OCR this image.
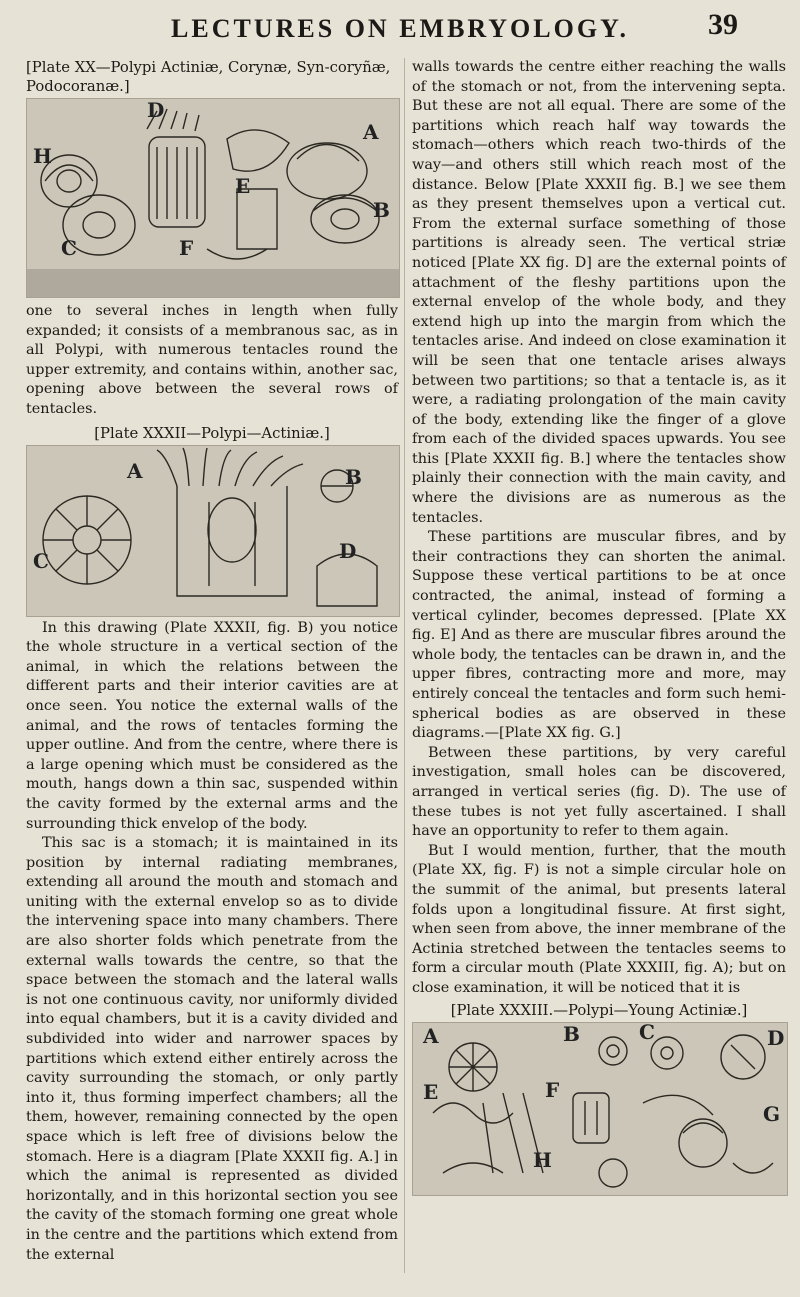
LECTURES ON EMBRYOLOGY.	39

[Plate XX—Polypi Actiniæ, Corynæ, Syn-coryñæ, Podocoranæ.]

D
A
H
E
B
C	F

one to several inches in length when fully expanded; it consists of a membranous sac, as in all Polypi, with numerous tentacles round the upper extremity, and contains within, another sac, opening above between the several rows of tentacles.

[Plate XXXII—Polypi—Actiniæ.]

A	B
C	D

In this drawing (Plate XXXII, fig. B) you notice the whole structure in a vertical section of the animal, in which the relations between the different parts and their interior cavities are at once seen. You notice the external walls of the animal, and the rows of tentacles forming the upper outline. And from the centre, where there is a large opening which must be considered as the mouth, hangs down a thin sac, suspended within the cavity formed by the external arms and the surrounding thick envelop of the body.

This sac is a stomach; it is maintained in its position by internal radiating membranes, extending all around the mouth and stomach and uniting with the external envelop so as to divide the intervening space into many chambers. There are also shorter folds which penetrate from the external walls towards the centre, so that the space between the stomach and the lateral walls is not one continuous cavity, nor uniformly divided into equal chambers, but it is a cavity divided and subdivided into wider and narrower spaces by partitions which extend either entirely across the cavity surrounding the stomach, or only partly into it, thus forming imperfect chambers; all the them, however, remaining connected by the open space which is left free of divisions below the stomach. Here is a diagram [Plate XXXII fig. A.] in which the animal is represented as divided horizontally, and in this horizontal section you see the cavity of the stomach forming one great whole in the centre and the partitions which extend from the external

walls towards the centre either reaching the walls of the stomach or not, from the intervening septa. But these are not all equal. There are some of the partitions which reach half way towards the stomach—others which reach two-thirds of the way—and others still which reach most of the distance. Below [Plate XXXII fig. B.] we see them as they present themselves upon a vertical cut. From the external surface something of those partitions is already seen. The vertical striæ noticed [Plate XX fig. D] are the external points of attachment of the fleshy partitions upon the external envelop of the whole body, and they extend high up into the margin from which the tentacles arise. And indeed on close examination it will be seen that one tentacle arises always between two partitions; so that a tentacle is, as it were, a radiating prolongation of the main cavity of the body, extending like the finger of a glove from each of the divided spaces upwards. You see this [Plate XXXII fig. B.] where the tentacles show plainly their connection with the main cavity, and where the divisions are as numerous as the tentacles.

These partitions are muscular fibres, and by their contractions they can shorten the animal. Suppose these vertical partitions to be at once contracted, the animal, instead of forming a vertical cylinder, becomes depressed. [Plate XX fig. E] And as there are muscular fibres around the whole body, the tentacles can be drawn in, and the upper fibres, contracting more and more, may entirely conceal the tentacles and form such hemi-spherical bodies as are observed in these diagrams.—[Plate XX fig. G.]

Between these partitions, by very careful investigation, small holes can be discovered, arranged in vertical series (fig. D). The use of these tubes is not yet fully ascertained. I shall have an opportunity to refer to them again.

But I would mention, further, that the mouth (Plate XX, fig. F) is not a simple circular hole on the summit of the animal, but presents lateral folds upon a longitudinal fissure. At first sight, when seen from above, the inner membrane of the Actinia stretched between the tentacles seems to form a circular mouth (Plate XXXIII, fig. A); but on close examination, it will be noticed that it is

[Plate XXXIII.—Polypi—Young Actiniæ.]

A	B	C	D
E	F
G
H
